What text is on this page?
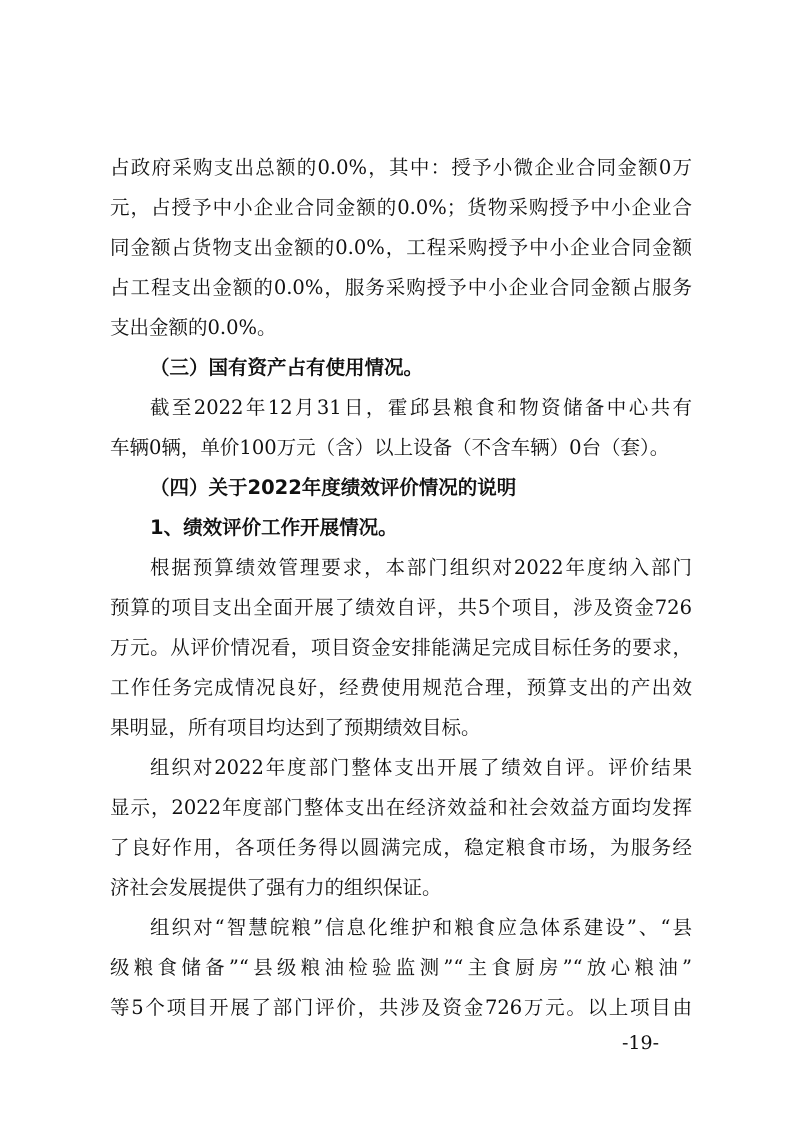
占政府采购支出总额的0.0%，其中：授予小微企业合同金额0万
元，占授予中小企业合同金额的0.0%；货物采购授予中小企业合
同金额占货物支出金额的0.0%，工程采购授予中小企业合同金额
占工程支出金额的0.0%，服务采购授予中小企业合同金额占服务
支出金额的0.0%。
（三）国有资产占有使用情况。
截至2022年12月31日，霍邱县粮食和物资储备中心共有
车辆0辆，单价100万元（含）以上设备（不含车辆）0台（套）。
（四）关于2022年度绩效评价情况的说明
1、绩效评价工作开展情况。
根据预算绩效管理要求，本部门组织对2022年度纳入部门
预算的项目支出全面开展了绩效自评，共5个项目，涉及资金726
万元。从评价情况看，项目资金安排能满足完成目标任务的要求，
工作任务完成情况良好，经费使用规范合理，预算支出的产出效
果明显，所有项目均达到了预期绩效目标。
组织对2022年度部门整体支出开展了绩效自评。评价结果
显示，2022年度部门整体支出在经济效益和社会效益方面均发挥
了良好作用，各项任务得以圆满完成，稳定粮食市场，为服务经
济社会发展提供了强有力的组织保证。
组织对“智慧皖粮”信息化维护和粮食应急体系建设”、“县
级粮食储备”“县级粮油检验监测”“主食厨房”“放心粮油”
等5个项目开展了部门评价，共涉及资金726万元。以上项目由
-19-
